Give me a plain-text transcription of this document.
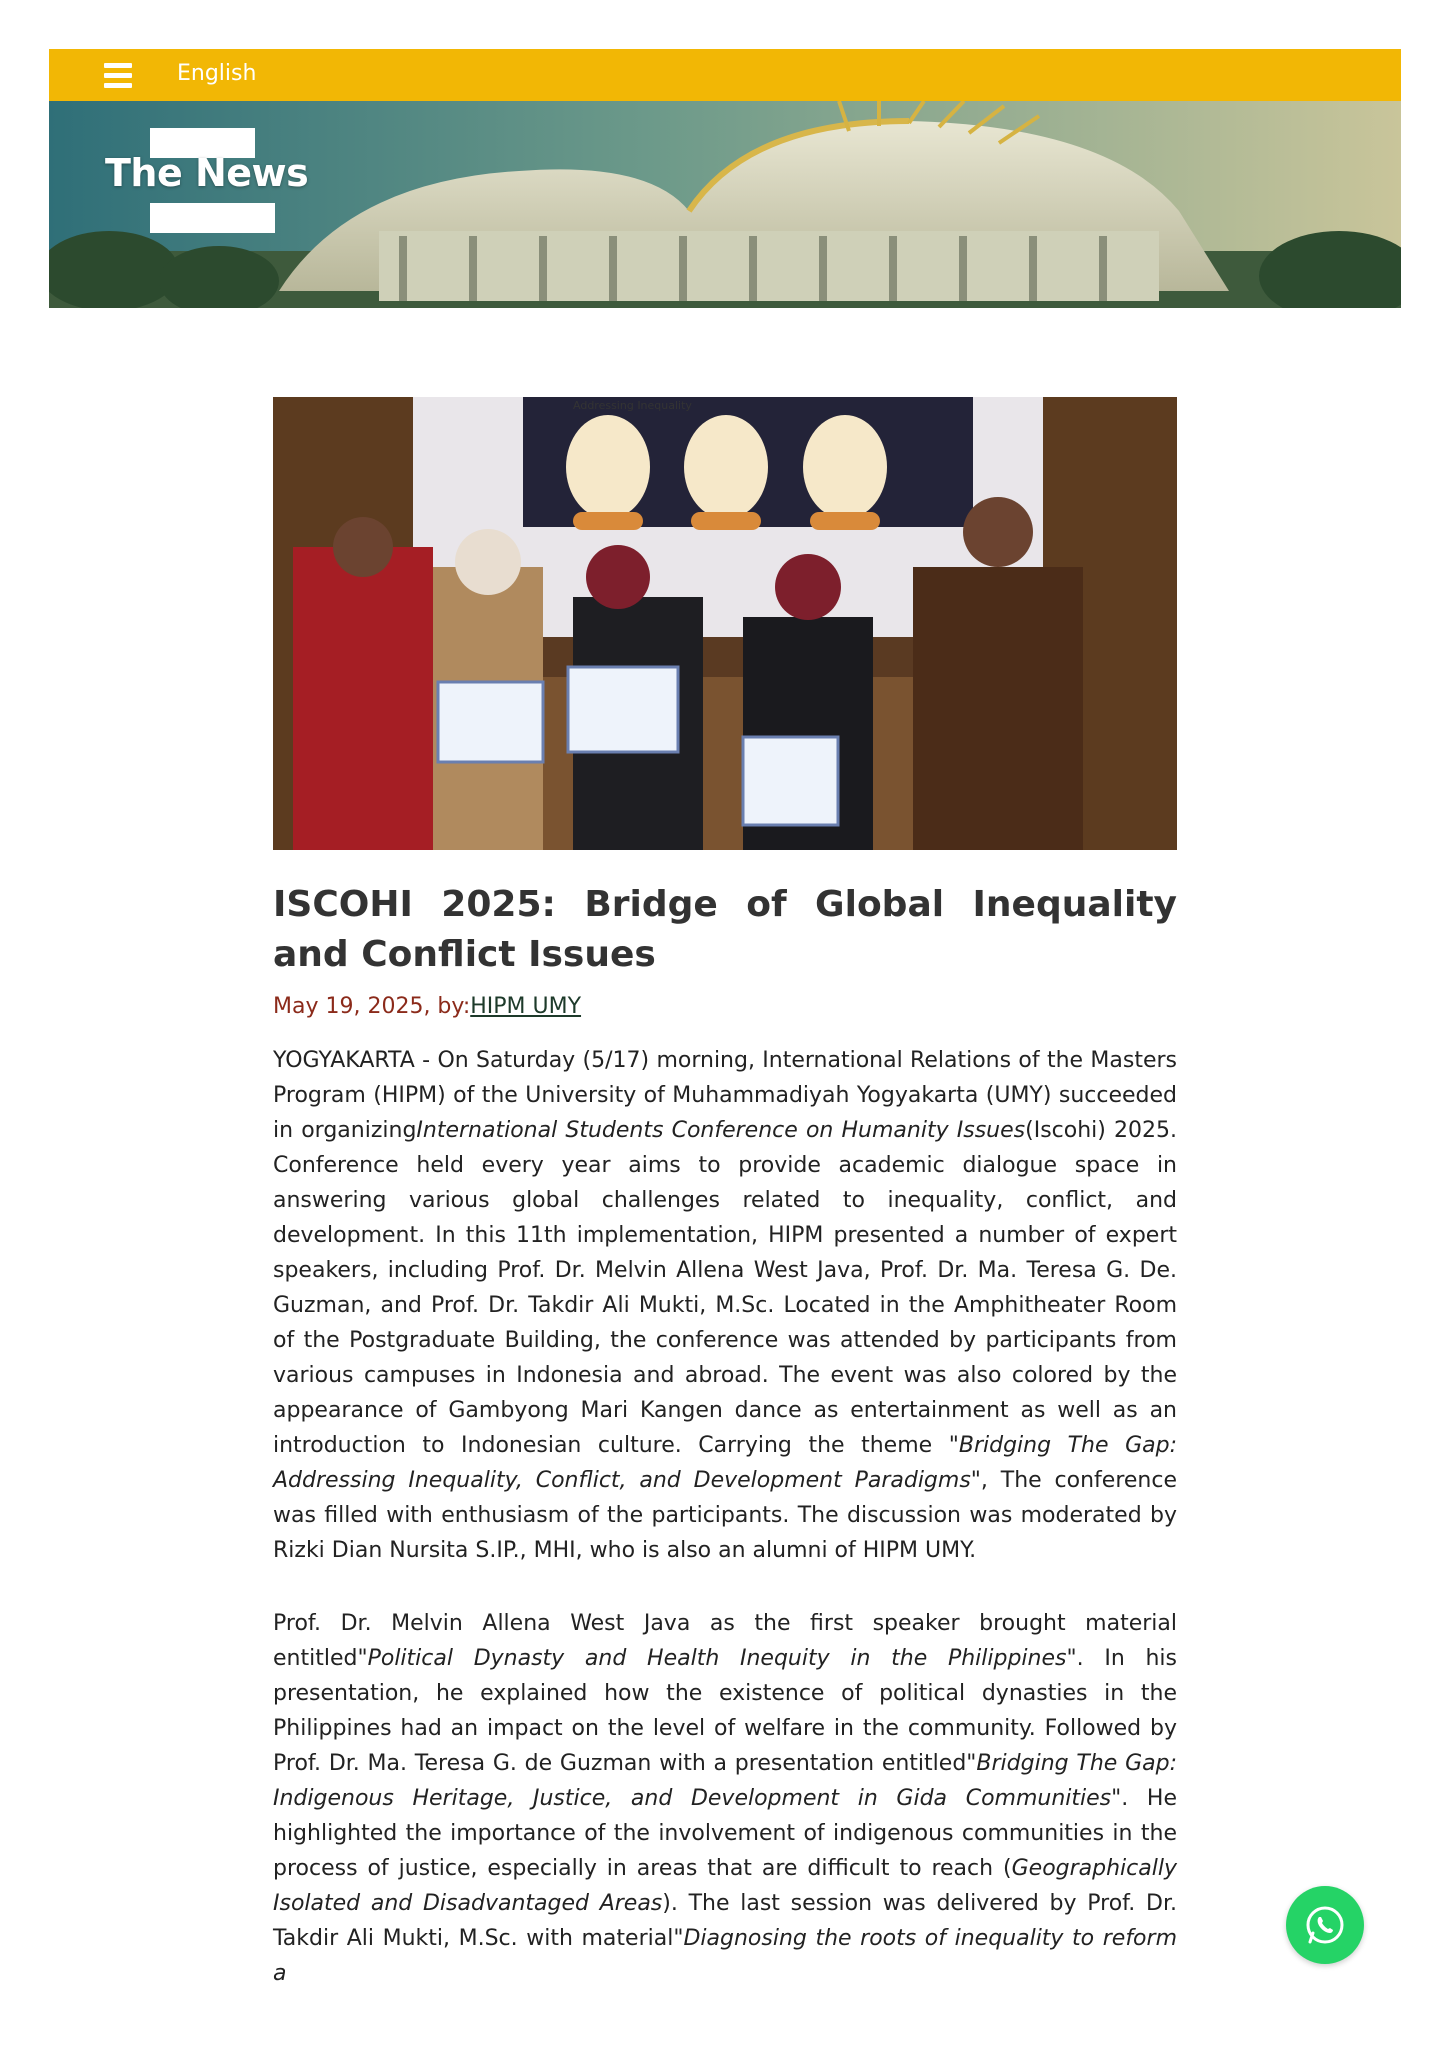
English
The News
Addressing Inequality
ISCOHI 2025: Bridge of Global Inequality and Conflict Issues
May 19, 2025, by:HIPM UMY

YOGYAKARTA - On Saturday (5/17) morning, International Relations of the Masters Program (HIPM) of the University of Muhammadiyah Yogyakarta (UMY) succeeded in organizingInternational Students Conference on Humanity Issues(Iscohi) 2025. Conference held every year aims to provide academic dialogue space in answering various global challenges related to inequality, conflict, and development. In this 11th implementation, HIPM presented a number of expert speakers, including Prof. Dr. Melvin Allena West Java, Prof. Dr. Ma. Teresa G. De. Guzman, and Prof. Dr. Takdir Ali Mukti, M.Sc. Located in the Amphitheater Room of the Postgraduate Building, the conference was attended by participants from various campuses in Indonesia and abroad. The event was also colored by the appearance of Gambyong Mari Kangen dance as entertainment as well as an introduction to Indonesian culture. Carrying the theme "Bridging The Gap: Addressing Inequality, Conflict, and Development Paradigms", The conference was filled with enthusiasm of the participants. The discussion was moderated by Rizki Dian Nursita S.IP., MHI, who is also an alumni of HIPM UMY.

Prof. Dr. Melvin Allena West Java as the first speaker brought material entitled"Political Dynasty and Health Inequity in the Philippines". In his presentation, he explained how the existence of political dynasties in the Philippines had an impact on the level of welfare in the community. Followed by Prof. Dr. Ma. Teresa G. de Guzman with a presentation entitled"Bridging The Gap: Indigenous Heritage, Justice, and Development in Gida Communities". He highlighted the importance of the involvement of indigenous communities in the process of justice, especially in areas that are difficult to reach (Geographically Isolated and Disadvantaged Areas). The last session was delivered by Prof. Dr. Takdir Ali Mukti, M.Sc. with material"Diagnosing the roots of inequality to reform a
